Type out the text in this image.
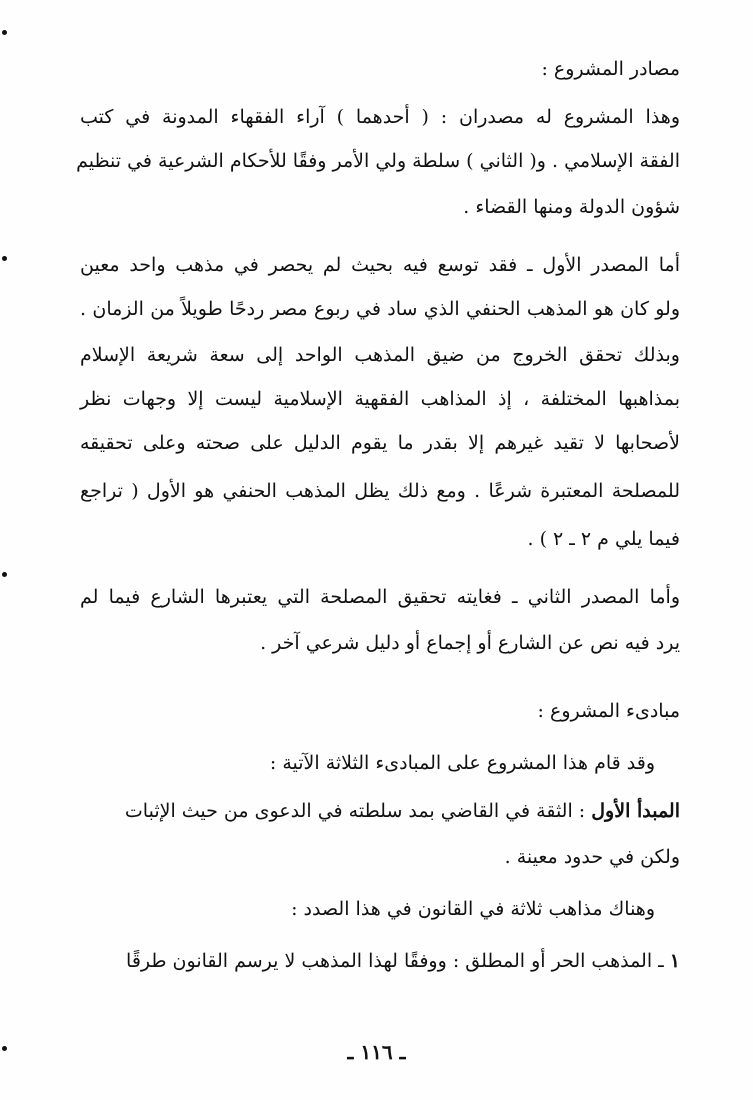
مصادر المشروع :
وهذا المشروع له مصدران : ( أحدهما ) آراء الفقهاء المدونة في كتب
الفقة الإسلامي . و( الثاني ) سلطة ولي الأمر وفقًا للأحكام الشرعية في تنظيم
شؤون الدولة ومنها القضاء .
أما المصدر الأول ـ فقد توسع فيه بحيث لم يحصر في مذهب واحد معين
ولو كان هو المذهب الحنفي الذي ساد في ربوع مصر ردحًا طويلاً من الزمان .
وبذلك تحقق الخروج من ضيق المذهب الواحد إلى سعة شريعة الإسلام
بمذاهبها المختلفة ، إذ المذاهب الفقهية الإسلامية ليست إلا وجهات نظر
لأصحابها لا تقيد غيرهم إلا بقدر ما يقوم الدليل على صحته وعلى تحقيقه
للمصلحة المعتبرة شرعًا . ومع ذلك يظل المذهب الحنفي هو الأول ( تراجع
فيما يلي م ٢ ـ ٢ ) .
وأما المصدر الثاني ـ فغايته تحقيق المصلحة التي يعتبرها الشارع فيما لم
يرد فيه نص عن الشارع أو إجماع أو دليل شرعي آخر .
مبادىء المشروع :
وقد قام هذا المشروع على المبادىء الثلاثة الآتية :
المبدأ الأول : الثقة في القاضي بمد سلطته في الدعوى من حيث الإثبات
ولكن في حدود معينة .
وهناك مذاهب ثلاثة في القانون في هذا الصدد :
١ ـ المذهب الحر أو المطلق : ووفقًا لهذا المذهب لا يرسم القانون طرقًا
ـ ١١٦ ـ
